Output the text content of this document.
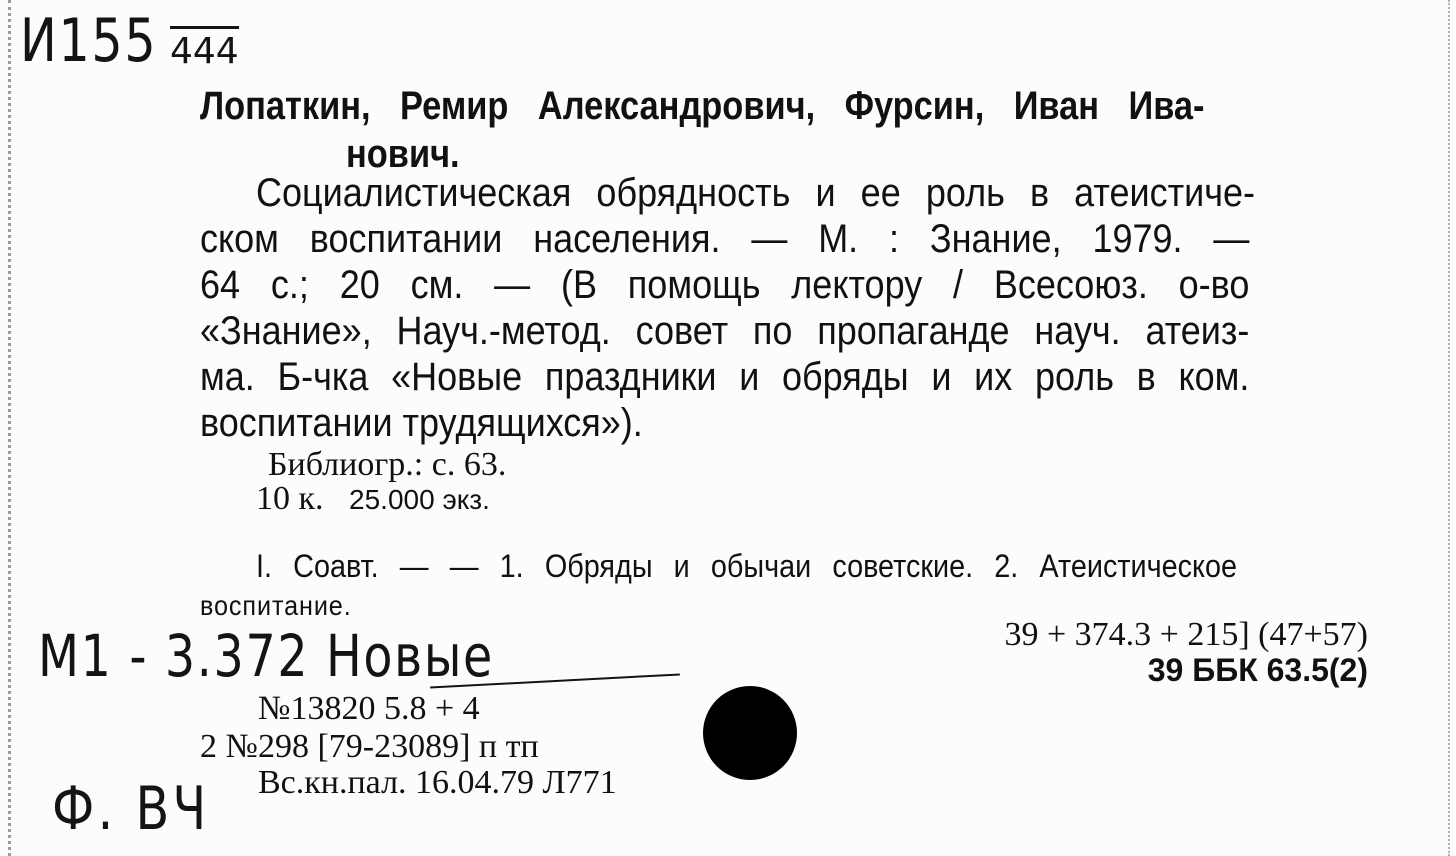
И155 444
Лопаткин, Ремир Александрович, Фурсин, Иван Ива-
нович.
Социалистическая обрядность и ее роль в атеистиче-
ском воспитании населения. — М. : Знание, 1979. —
64 с.; 20 см. — (В помощь лектору / Всесоюз. о-во
«Знание», Науч.-метод. совет по пропаганде науч. атеиз-
ма. Б-чка «Новые праздники и обряды и их роль в ком.
воспитании трудящихся»).
Библиогр.: с. 63.
10 к. 25.000 экз.
I. Соавт. — — 1. Обряды и обычаи советские. 2. Атеистическое
воспитание.
39 + 374.3 + 215] (47+57)
39 ББК 63.5(2)
М1 - 3.372 Новые
№13820 5.8 + 4
2 №298 [79-23089] п тп
Вс.кн.пал. 16.04.79 Л771
Ф. ВЧ
